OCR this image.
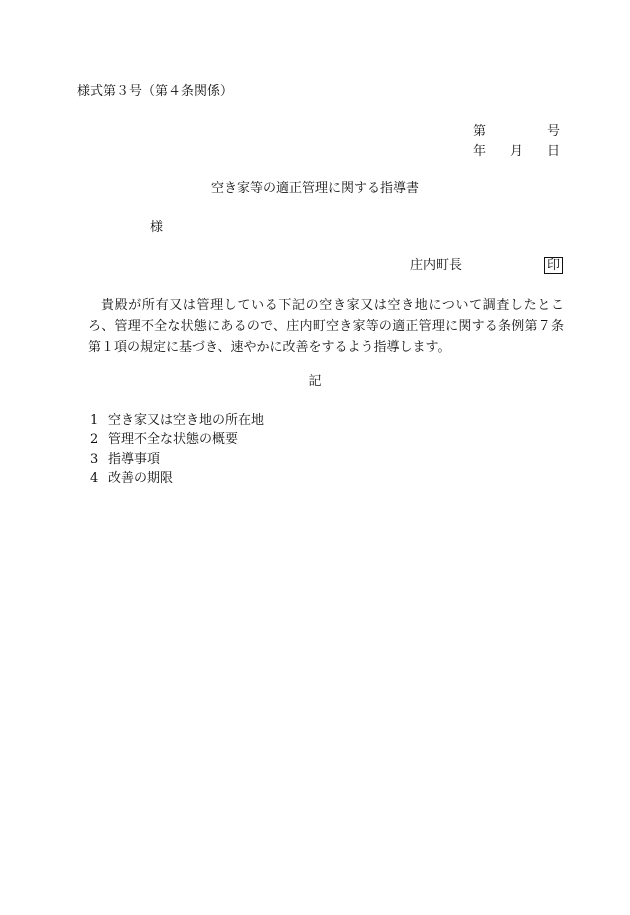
様式第３号（第４条関係）
第	号
年 月 日
空き家等の適正管理に関する指導書
様
庄内町長	印
貴殿が所有又は管理している下記の空き家又は空き地について調査したところ、管理不全な状態にあるので、庄内町空き家等の適正管理に関する条例第７条第１項の規定に基づき、速やかに改善をするよう指導します。
記
1 空き家又は空き地の所在地
2 管理不全な状態の概要
3 指導事項
4 改善の期限
